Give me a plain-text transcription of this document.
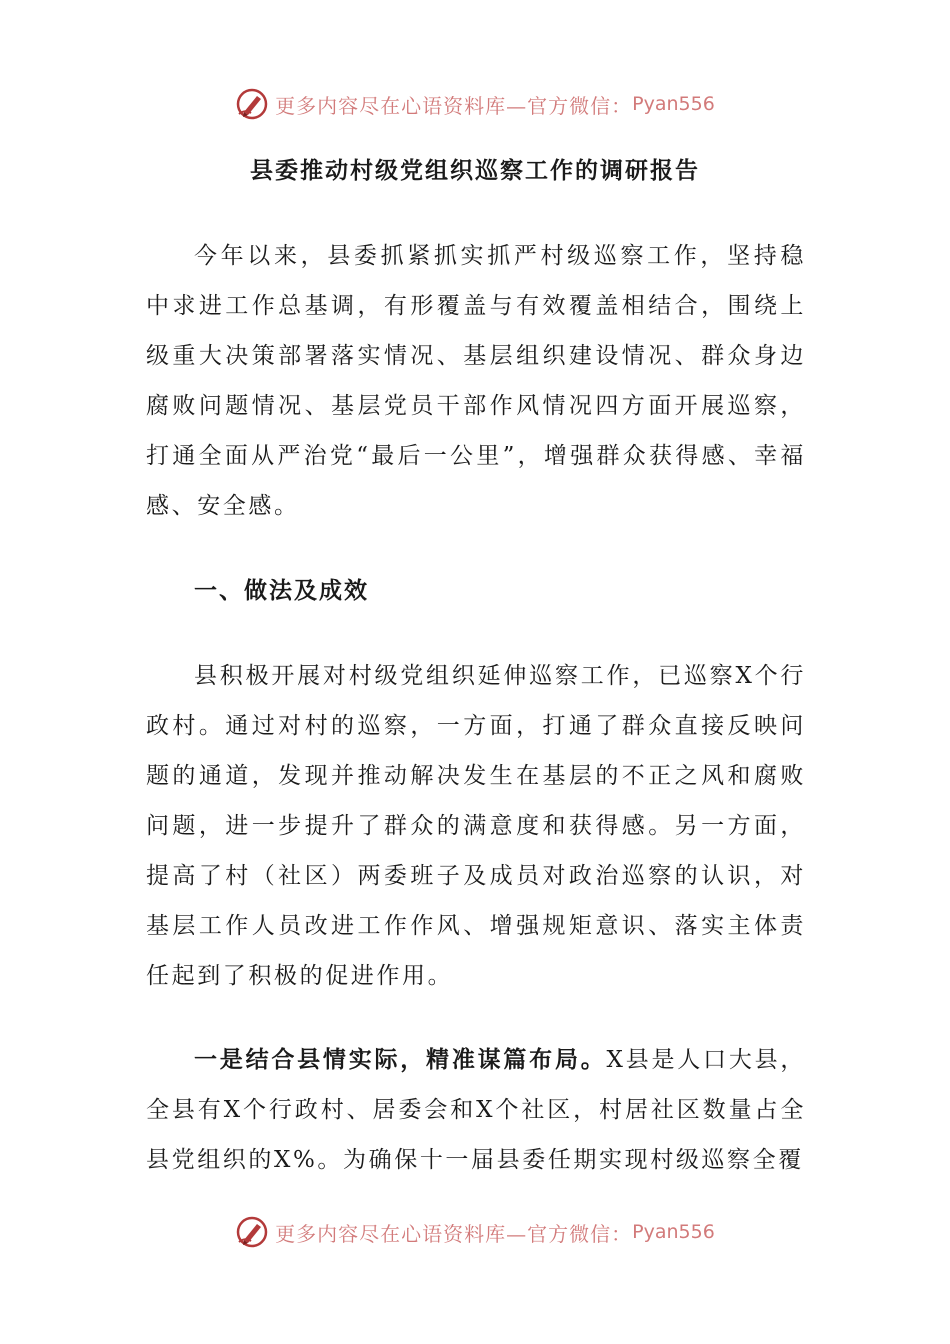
更多内容尽在心语资料库—官方微信： Pyan556
县委推动村级党组织巡察工作的调研报告

今年以来，县委抓紧抓实抓严村级巡察工作，坚持稳中求进工作总基调，有形覆盖与有效覆盖相结合，围绕上级重大决策部署落实情况、基层组织建设情况、群众身边腐败问题情况、基层党员干部作风情况四方面开展巡察，打通全面从严治党“最后一公里”，增强群众获得感、幸福感、安全感。

一、做法及成效

县积极开展对村级党组织延伸巡察工作，已巡察X个行政村。通过对村的巡察，一方面，打通了群众直接反映问题的通道，发现并推动解决发生在基层的不正之风和腐败问题，进一步提升了群众的满意度和获得感。另一方面，提高了村（社区）两委班子及成员对政治巡察的认识，对基层工作人员改进工作作风、增强规矩意识、落实主体责任起到了积极的促进作用。

一是结合县情实际，精准谋篇布局。X县是人口大县，全县有X个行政村、居委会和X个社区，村居社区数量占全县党组织的X%。为确保十一届县委任期实现村级巡察全覆

更多内容尽在心语资料库—官方微信： Pyan556
